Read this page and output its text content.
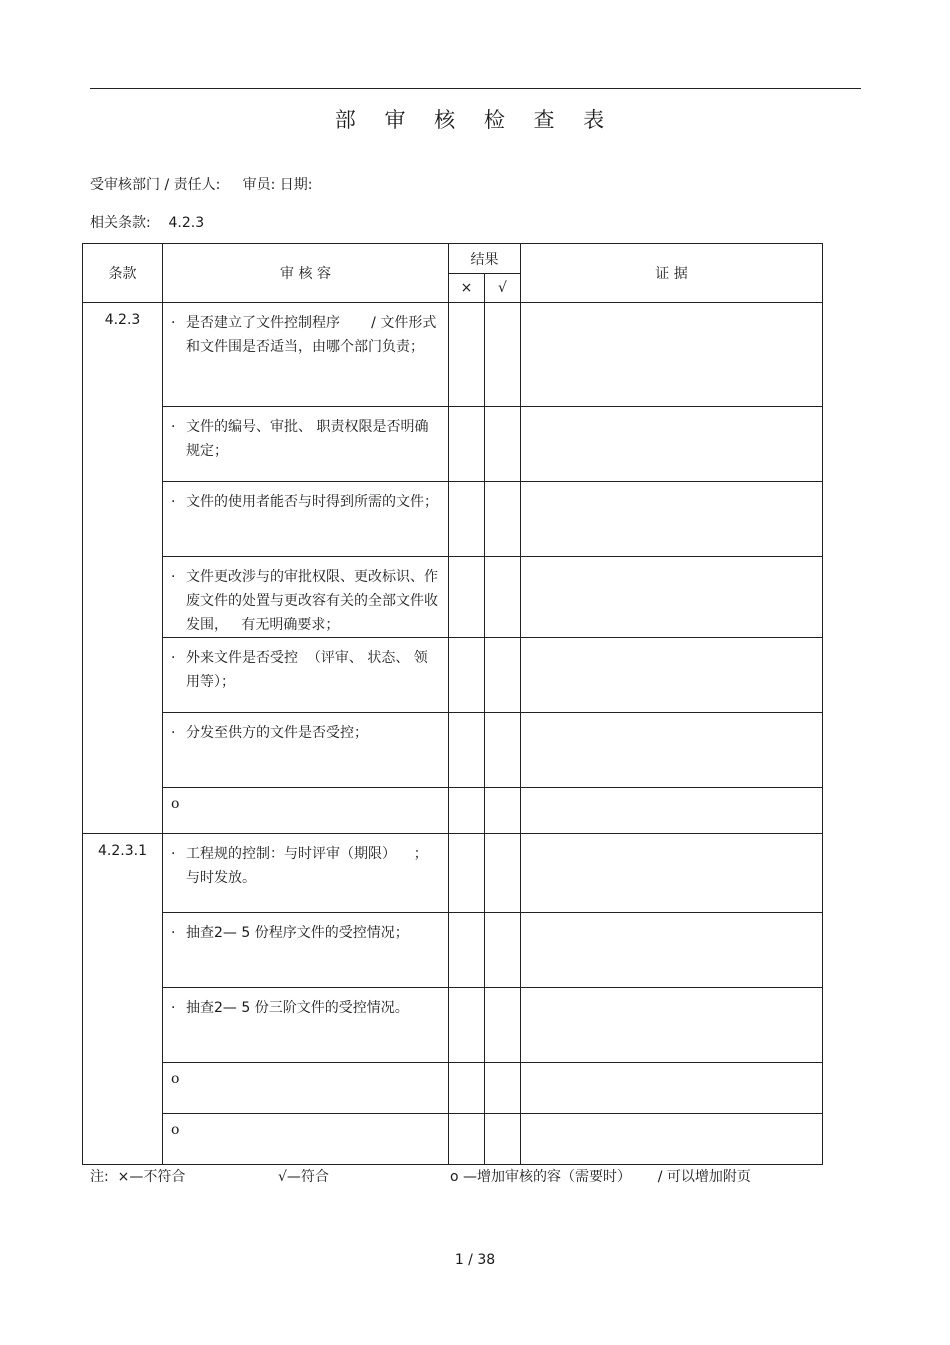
部 审 核 检 查 表
受审核部门 / 责任人:     审员: 日期:
相关条款:    4.2.3
条款	审 核 容	结果		证 据
		×	√	
4.2.3	· 是否建立了文件控制程序       / 文件形式和文件围是否适当，由哪个部门负责；			

	· 文件的编号、审批、 职责权限是否明确规定；			

	· 文件的使用者能否与时得到所需的文件；			

	· 文件更改涉与的审批权限、更改标识、作废文件的处置与更改容有关的全部文件收发围，   有无明确要求；			

	· 外来文件是否受控  （评审、 状态、 领用等）；			

	· 分发至供方的文件是否受控；			

	o			
4.2.3.1	· 工程规的控制：与时评审（期限）    ；与时发放。			

	· 抽查2— 5 份程序文件的受控情况；			

	· 抽查2— 5 份三阶文件的受控情况。			

	o			
	o			
注:  ×—不符合	√—符合	o —增加审核的容（需要时）      / 可以增加附页
1 / 38
